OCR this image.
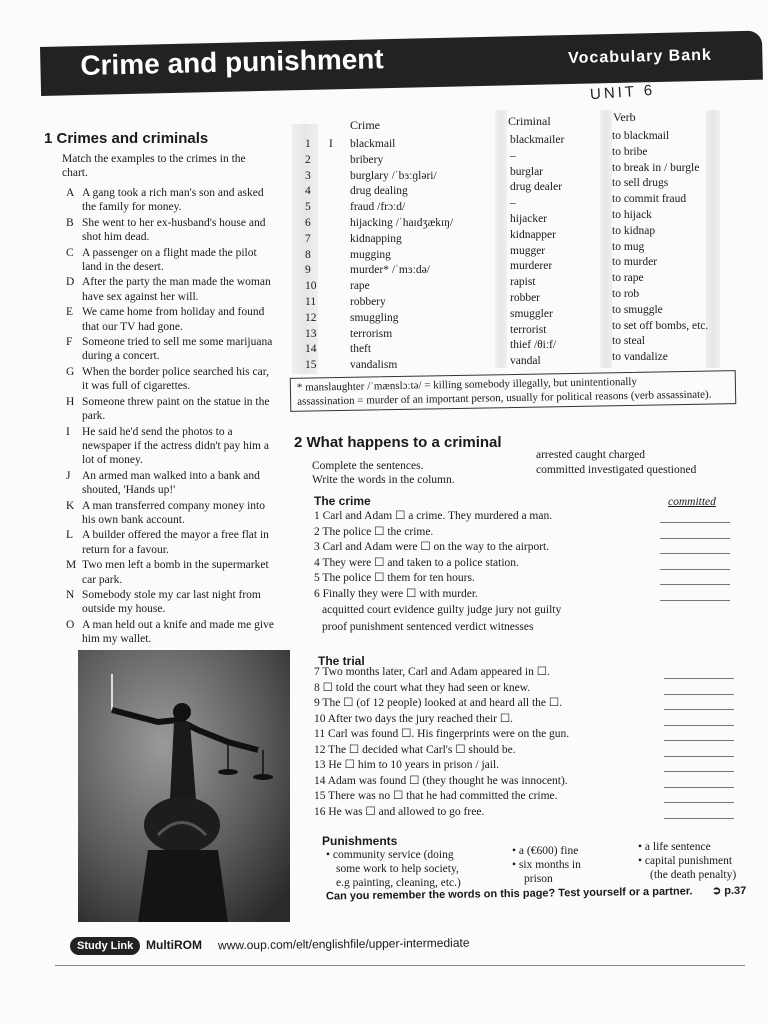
Crime and punishment	Vocabulary Bank
UNIT 6
1 Crimes and criminals
Match the examples to the crimes in the chart.
A A gang took a rich man's son and asked the family for money.
B She went to her ex-husband's house and shot him dead.
C A passenger on a flight made the pilot land in the desert.
D After the party the man made the woman have sex against her will.
E We came home from holiday and found that our TV had gone.
F Someone tried to sell me some marijuana during a concert.
G When the border police searched his car, it was full of cigarettes.
H Someone threw paint on the statue in the park.
I He said he'd send the photos to a newspaper if the actress didn't pay him a lot of money.
J An armed man walked into a bank and shouted, 'Hands up!'
K A man transferred company money into his own bank account.
L A builder offered the mayor a free flat in return for a favour.
M Two men left a bomb in the supermarket car park.
N Somebody stole my car last night from outside my house.
O A man held out a knife and made me give him my wallet.
Crime	Criminal	Verb
1 I blackmail	blackmailer	to blackmail
2	bribery	–	to bribe
3	burglary /ˈbɜːɡləri/	burglar	to break in / burgle
4	drug dealing	drug dealer	to sell drugs
5	fraud /frɔːd/	–	to commit fraud
6	hijacking /ˈhaɪdʒækɪŋ/	hijacker	to hijack
7	kidnapping	kidnapper	to kidnap
8	mugging	mugger	to mug
9	murder* /ˈmɜːdə/	murderer	to murder
10	rape	rapist	to rape
11	robbery	robber	to rob
12	smuggling	smuggler	to smuggle
13	terrorism	terrorist	to set off bombs, etc.
14	theft	thief /θiːf/	to steal
15	vandalism	vandal	to vandalize
* manslaughter /ˈmænslɔːtə/ = killing somebody illegally, but unintentionally
assassination = murder of an important person, usually for political reasons (verb assassinate).
2 What happens to a criminal
Complete the sentences.
Write the words in the column.
arrested caught charged
committed investigated questioned
The crime	committed
1 Carl and Adam ☐ a crime. They murdered a man.
2 The police ☐ the crime.
3 Carl and Adam were ☐ on the way to the airport.
4 They were ☐ and taken to a police station.
5 The police ☐ them for ten hours.
6 Finally they were ☐ with murder.
acquitted court evidence guilty judge jury not guilty
proof punishment sentenced verdict witnesses
The trial
7 Two months later, Carl and Adam appeared in ☐.
8 ☐ told the court what they had seen or knew.
9 The ☐ (of 12 people) looked at and heard all the ☐.
10 After two days the jury reached their ☐.
11 Carl was found ☐. His fingerprints were on the gun.
12 The ☐ decided what Carl's ☐ should be.
13 He ☐ him to 10 years in prison / jail.
14 Adam was found ☐ (they thought he was innocent).
15 There was no ☐ that he had committed the crime.
16 He was ☐ and allowed to go free.
Punishments
• community service (doing
some work to help society,
e.g painting, cleaning, etc.)
• a (€600) fine
• six months in
prison
• a life sentence
• capital punishment
(the death penalty)
Can you remember the words on this page? Test yourself or a partner. ➲ p.37
Study Link	MultiROM www.oup.com/elt/englishfile/upper-intermediate
